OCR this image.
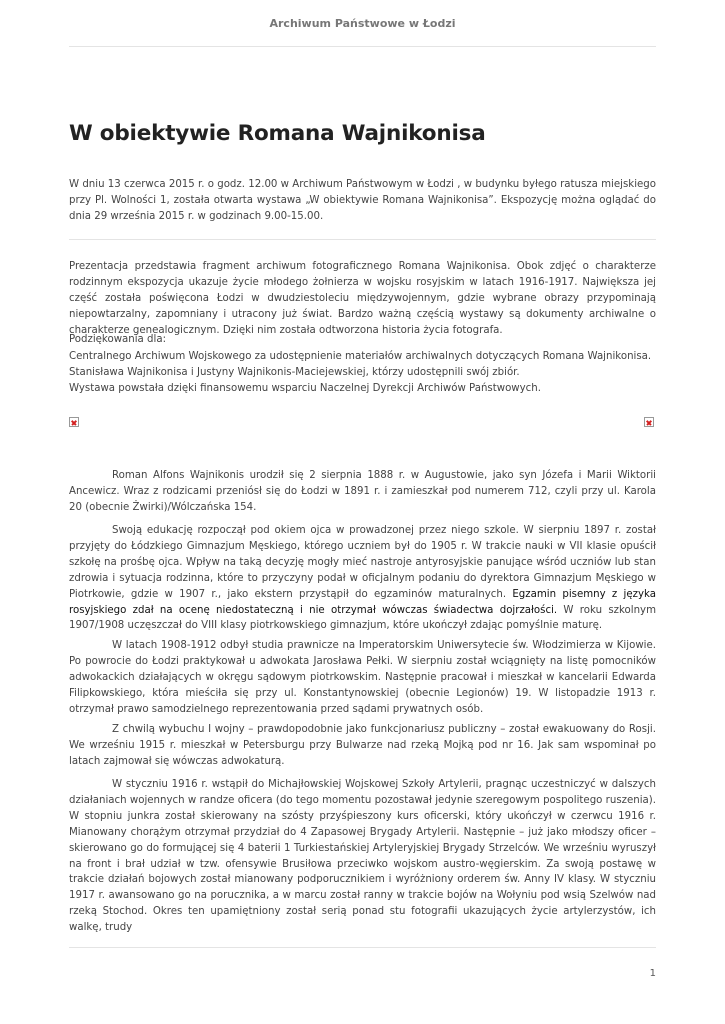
Archiwum Państwowe w Łodzi
W obiektywie Romana Wajnikonisa

W dniu 13 czerwca 2015 r. o godz. 12.00 w Archiwum Państwowym w Łodzi , w budynku byłego ratusza miejskiego przy Pl. Wolności 1, została otwarta wystawa „W obiektywie Romana Wajnikonisa”. Ekspozycję można oglądać do dnia 29 września 2015 r. w godzinach 9.00-15.00.

Prezentacja przedstawia fragment archiwum fotograficznego Romana Wajnikonisa. Obok zdjęć o charakterze rodzinnym ekspozycja ukazuje życie młodego żołnierza w wojsku rosyjskim w latach 1916-1917. Największa jej część została poświęcona Łodzi w dwudziestoleciu międzywojennym, gdzie wybrane obrazy przypominają niepowtarzalny, zapomniany i utracony już świat. Bardzo ważną częścią wystawy są dokumenty archiwalne o charakterze genealogicznym. Dzięki nim została odtworzona historia życia fotografa.

Podziękowania dla:

Centralnego Archiwum Wojskowego za udostępnienie materiałów archiwalnych dotyczących Romana Wajnikonisa.

Stanisława Wajnikonisa i Justyny Wajnikonis-Maciejewskiej, którzy udostępnili swój zbiór.

Wystawa powstała dzięki finansowemu wsparciu Naczelnej Dyrekcji Archiwów Państwowych.

Roman Alfons Wajnikonis urodził się 2 sierpnia 1888 r. w Augustowie, jako syn Józefa i Marii Wiktorii Ancewicz. Wraz z rodzicami przeniósł się do Łodzi w 1891 r. i zamieszkał pod numerem 712, czyli przy ul. Karola 20 (obecnie Żwirki)/Wólczańska 154.

Swoją edukację rozpoczął pod okiem ojca w prowadzonej przez niego szkole. W sierpniu 1897 r. został przyjęty do Łódzkiego Gimnazjum Męskiego, którego uczniem był do 1905 r. W trakcie nauki w VII klasie opuścił szkołę na prośbę ojca. Wpływ na taką decyzję mogły mieć nastroje antyrosyjskie panujące wśród uczniów lub stan zdrowia i sytuacja rodzinna, które to przyczyny podał w oficjalnym podaniu do dyrektora Gimnazjum Męskiego w Piotrkowie, gdzie w 1907 r., jako ekstern przystąpił do egzaminów maturalnych. Egzamin pisemny z języka rosyjskiego zdał na ocenę niedostateczną i nie otrzymał wówczas świadectwa dojrzałości. W roku szkolnym 1907/1908 uczęszczał do VIII klasy piotrkowskiego gimnazjum, które ukończył zdając pomyślnie maturę.

W latach 1908-1912 odbył studia prawnicze na Imperatorskim Uniwersytecie św. Włodzimierza w Kijowie. Po powrocie do Łodzi praktykował u adwokata Jarosława Pełki. W sierpniu został wciągnięty na listę pomocników adwokackich działających w okręgu sądowym piotrkowskim. Następnie pracował i mieszkał w kancelarii Edwarda Filipkowskiego, która mieściła się przy ul. Konstantynowskiej (obecnie Legionów) 19. W listopadzie 1913 r. otrzymał prawo samodzielnego reprezentowania przed sądami prywatnych osób.

Z chwilą wybuchu I wojny – prawdopodobnie jako funkcjonariusz publiczny – został ewakuowany do Rosji. We wrześniu 1915 r. mieszkał w Petersburgu przy Bulwarze nad rzeką Mojką pod nr 16. Jak sam wspominał po latach zajmował się wówczas adwokaturą.

W styczniu 1916 r. wstąpił do Michajłowskiej Wojskowej Szkoły Artylerii, pragnąc uczestniczyć w dalszych działaniach wojennych w randze oficera (do tego momentu pozostawał jedynie szeregowym pospolitego ruszenia). W stopniu junkra został skierowany na szósty przyśpieszony kurs oficerski, który ukończył w czerwcu 1916 r. Mianowany chorążym otrzymał przydział do 4 Zapasowej Brygady Artylerii. Następnie – już jako młodszy oficer – skierowano go do formującej się 4 baterii 1 Turkiestańskiej Artyleryjskiej Brygady Strzelców. We wrześniu wyruszył na front i brał udział w tzw. ofensywie Brusiłowa przeciwko wojskom austro-węgierskim. Za swoją postawę w trakcie działań bojowych został mianowany podporucznikiem i wyróżniony orderem św. Anny IV klasy. W styczniu 1917 r. awansowano go na porucznika, a w marcu został ranny w trakcie bojów na Wołyniu pod wsią Szelwów nad rzeką Stochod. Okres ten upamiętniony został serią ponad stu fotografii ukazujących życie artylerzystów, ich walkę, trudy

1
